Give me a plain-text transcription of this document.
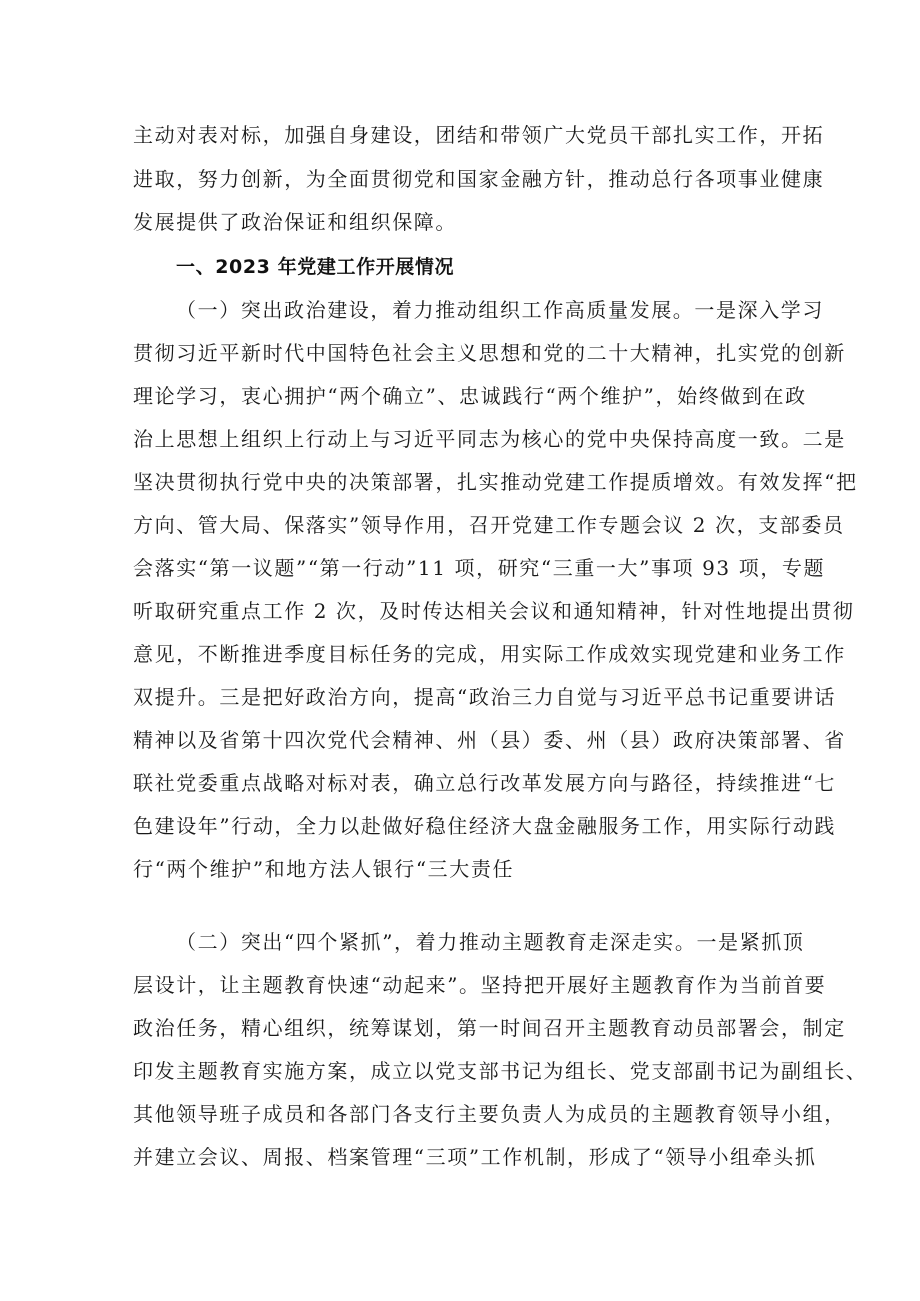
主动对表对标，加强自身建设，团结和带领广大党员干部扎实工作，开拓
进取，努力创新，为全面贯彻党和国家金融方针，推动总行各项事业健康
发展提供了政治保证和组织保障。
一、2023 年党建工作开展情况
（一）突出政治建设，着力推动组织工作高质量发展。一是深入学习
贯彻习近平新时代中国特色社会主义思想和党的二十大精神，扎实党的创新
理论学习，衷心拥护“两个确立”、忠诚践行“两个维护”，始终做到在政
治上思想上组织上行动上与习近平同志为核心的党中央保持高度一致。二是
坚决贯彻执行党中央的决策部署，扎实推动党建工作提质增效。有效发挥“把
方向、管大局、保落实”领导作用，召开党建工作专题会议 2 次，支部委员
会落实“第一议题”“第一行动”11 项，研究“三重一大”事项 93 项，专题
听取研究重点工作 2 次，及时传达相关会议和通知精神，针对性地提出贯彻
意见，不断推进季度目标任务的完成，用实际工作成效实现党建和业务工作
双提升。三是把好政治方向，提高“政治三力自觉与习近平总书记重要讲话
精神以及省第十四次党代会精神、州（县）委、州（县）政府决策部署、省
联社党委重点战略对标对表，确立总行改革发展方向与路径，持续推进“七
色建设年”行动，全力以赴做好稳住经济大盘金融服务工作，用实际行动践
行“两个维护”和地方法人银行“三大责任
（二）突出“四个紧抓”，着力推动主题教育走深走实。一是紧抓顶
层设计，让主题教育快速“动起来”。坚持把开展好主题教育作为当前首要
政治任务，精心组织，统筹谋划，第一时间召开主题教育动员部署会，制定
印发主题教育实施方案，成立以党支部书记为组长、党支部副书记为副组长、
其他领导班子成员和各部门各支行主要负责人为成员的主题教育领导小组，
并建立会议、周报、档案管理“三项”工作机制，形成了“领导小组牵头抓
